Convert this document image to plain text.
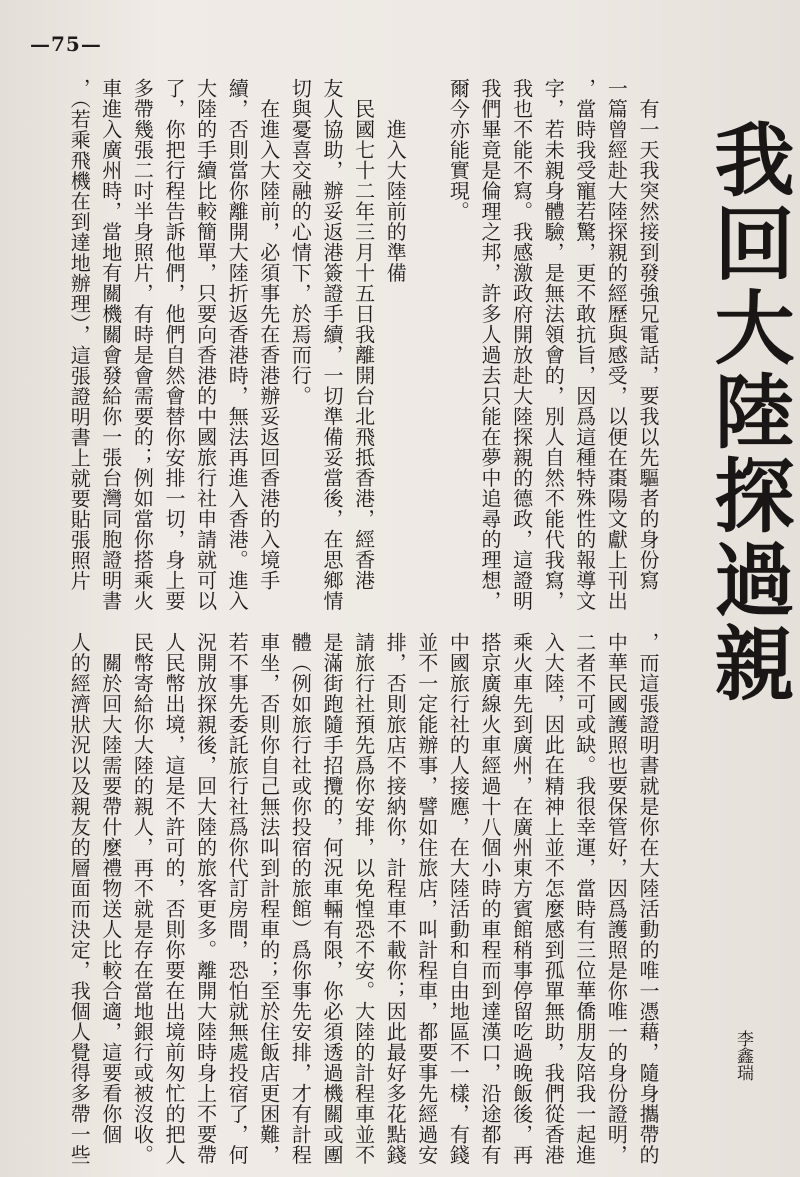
—75—
我回大陸探過親
李鑫瑞
　有一天我突然接到發強兄電話，要我以先驅者的身份寫
一篇曾經赴大陸探親的經歷與感受，以便在棗陽文獻上刊出
，當時我受寵若驚，更不敢抗旨，因爲這種特殊性的報導文
字，若未親身體驗，是無法領會的，別人自然不能代我寫，
我也不能不寫。我感激政府開放赴大陸探親的德政，這證明
我們畢竟是倫理之邦，許多人過去只能在夢中追尋的理想，
爾今亦能實現。
　　進入大陸前的準備
　民國七十二年三月十五日我離開台北飛抵香港，經香港
友人協助，辦妥返港簽證手續，一切準備妥當後，在思鄉情
切與憂喜交融的心情下，於焉而行。
　在進入大陸前，必須事先在香港辦妥返回香港的入境手
續，否則當你離開大陸折返香港時，無法再進入香港。進入
大陸的手續比較簡單，只要向香港的中國旅行社申請就可以
了，你把行程告訴他們，他們自然會替你安排一切，身上要
多帶幾張二吋半身照片，有時是會需要的；例如當你搭乘火
車進入廣州時，當地有關機關會發給你一張台灣同胞證明書
，（若乘飛機在到達地辦理），這張證明書上就要貼張照片
，而這張證明書就是你在大陸活動的唯一憑藉，隨身攜帶的
中華民國護照也要保管好，因爲護照是你唯一的身份證明，
二者不可或缺。我很幸運，當時有三位華僑朋友陪我一起進
入大陸，因此在精神上並不怎麼感到孤單無助，我們從香港
乘火車先到廣州，在廣州東方賓館稍事停留吃過晚飯後，再
搭京廣線火車經過十八個小時的車程而到達漢口，沿途都有
中國旅行社的人接應，在大陸活動和自由地區不一樣，有錢
並不一定能辦事，譬如住旅店，叫計程車，都要事先經過安
排，否則旅店不接納你，計程車不載你；因此最好多花點錢
請旅行社預先爲你安排，以免惶恐不安。大陸的計程車並不
是滿街跑隨手招攬的，何況車輛有限，你必須透過機關或團
體（例如旅行社或你投宿的旅館）爲你事先安排，才有計程
車坐，否則你自己無法叫到計程車的；至於住飯店更困難，
若不事先委託旅行社爲你代訂房間，恐怕就無處投宿了，何
況開放探親後，回大陸的旅客更多。離開大陸時身上不要帶
人民幣出境，這是不許可的，否則你要在出境前匆忙的把人
民幣寄給你大陸的親人，再不就是存在當地銀行或被沒收。
　關於回大陸需要帶什麼禮物送人比較合適，這要看你個
人的經濟狀況以及親友的層面而決定，我個人覺得多帶一些
